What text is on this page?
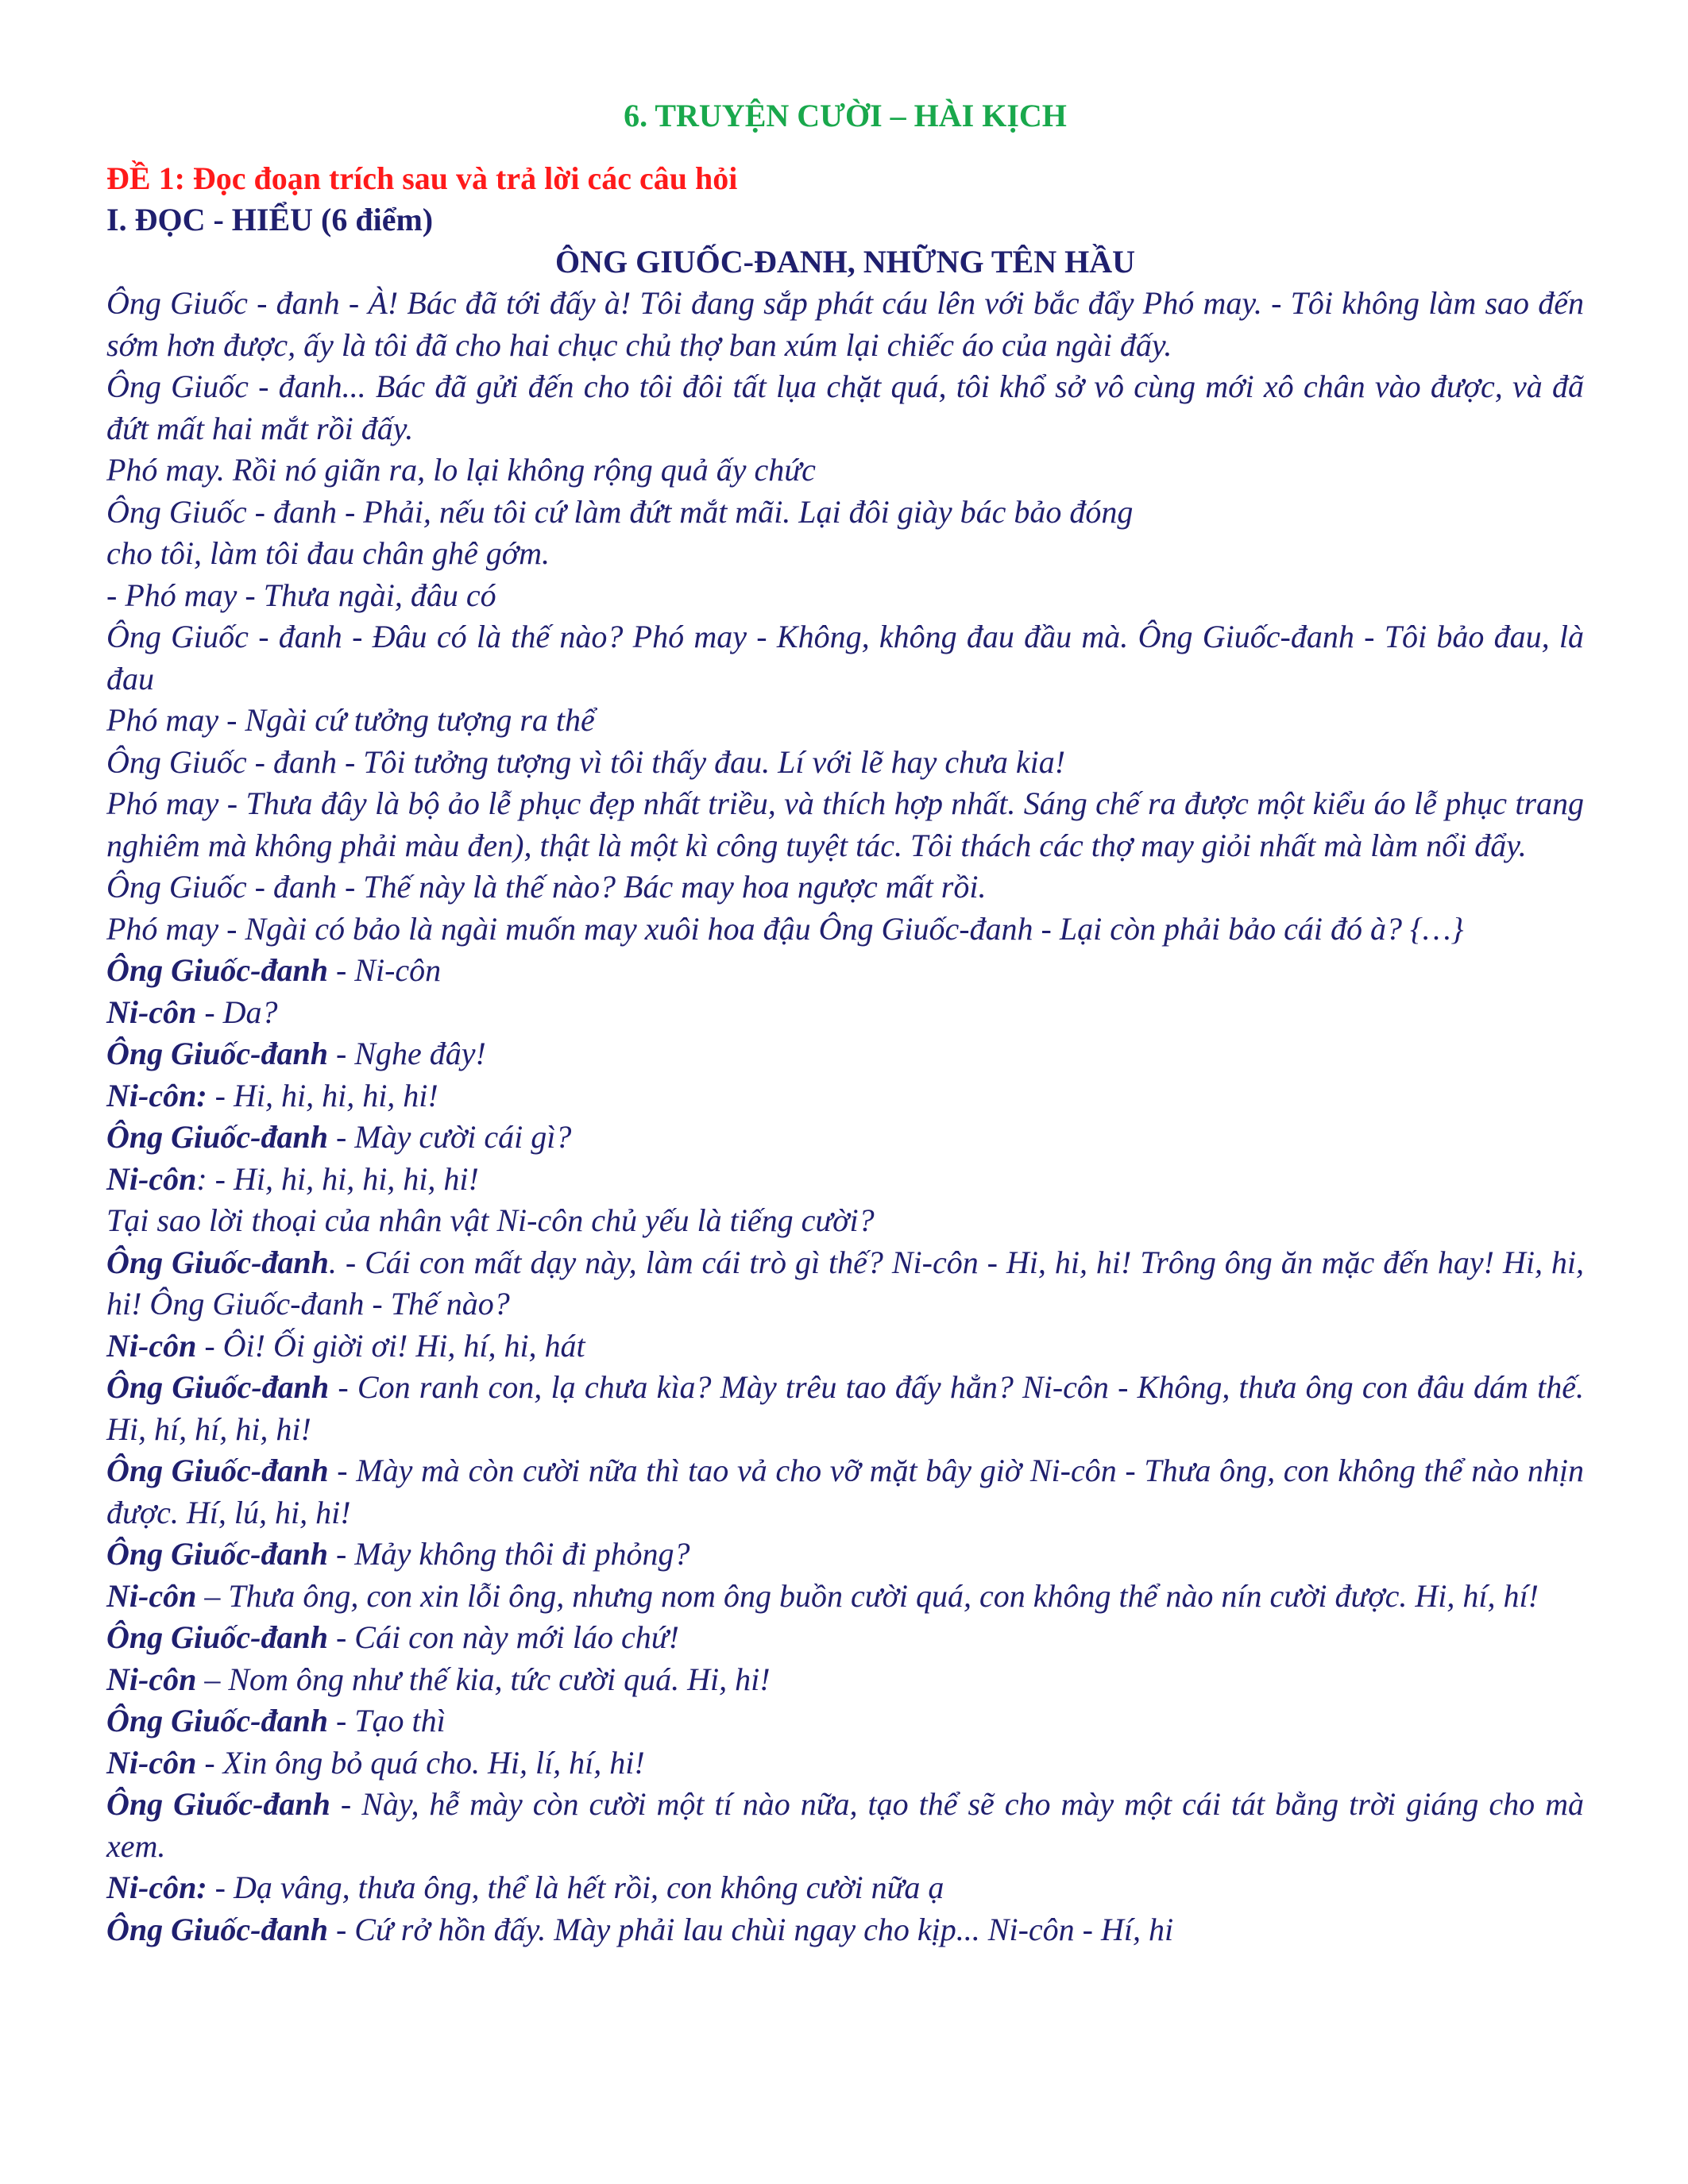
6. TRUYỆN CƯỜI – HÀI KỊCH
ĐỀ 1: Đọc đoạn trích sau và trả lời các câu hỏi
I. ĐỌC - HIỂU (6 điểm)
ÔNG GIUỐC-ĐANH, NHỮNG TÊN HẦU
Ông Giuốc - đanh - À! Bác đã tới đấy à! Tôi đang sắp phát cáu lên với bắc đẩy Phó may. - Tôi không làm sao đến sớm hơn được, ấy là tôi đã cho hai chục chủ thợ ban xúm lại chiếc áo của ngài đấy.
Ông Giuốc - đanh... Bác đã gửi đến cho tôi đôi tất lụa chặt quá, tôi khổ sở vô cùng mới xô chân vào được, và đã đứt mất hai mắt rồi đấy.
Phó may. Rồi nó giãn ra, lo lại không rộng quả ấy chức
Ông Giuốc - đanh - Phải, nếu tôi cứ làm đứt mắt mãi. Lại đôi giày bác bảo đóng
cho tôi, làm tôi đau chân ghê gớm.
- Phó may - Thưa ngài, đâu có
Ông Giuốc - đanh - Đâu có là thế nào? Phó may - Không, không đau đầu mà. Ông Giuốc-đanh - Tôi bảo đau, là đau
Phó may - Ngài cứ tưởng tượng ra thể
Ông Giuốc - đanh - Tôi tưởng tượng vì tôi thấy đau. Lí với lẽ hay chưa kia!
Phó may - Thưa đây là bộ ảo lễ phục đẹp nhất triều, và thích hợp nhất. Sáng chế ra được một kiểu áo lễ phục trang nghiêm mà không phải màu đen), thật là một kì công tuyệt tác. Tôi thách các thợ may giỏi nhất mà làm nổi đẩy.
Ông Giuốc - đanh - Thế này là thế nào? Bác may hoa ngược mất rồi.
Phó may - Ngài có bảo là ngài muốn may xuôi hoa đậu Ông Giuốc-đanh - Lại còn phải bảo cái đó à? {…}
Ông Giuốc-đanh - Ni-côn
Ni-côn - Da?
Ông Giuốc-đanh - Nghe đây!
Ni-côn: - Hi, hi, hi, hi, hi!
Ông Giuốc-đanh - Mày cười cái gì?
Ni-côn: - Hi, hi, hi, hi, hi, hi!
Tại sao lời thoại của nhân vật Ni-côn chủ yếu là tiếng cười?
Ông Giuốc-đanh. - Cái con mất dạy này, làm cái trò gì thế? Ni-côn - Hi, hi, hi! Trông ông ăn mặc đến hay! Hi, hi, hi! Ông Giuốc-đanh - Thế nào?
Ni-côn - Ôi! Ối giời ơi! Hi, hí, hi, hát
Ông Giuốc-đanh - Con ranh con, lạ chưa kìa? Mày trêu tao đấy hẳn? Ni-côn - Không, thưa ông con đâu dám thế. Hi, hí, hí, hi, hi!
Ông Giuốc-đanh - Mày mà còn cười nữa thì tao vả cho vỡ mặt bây giờ Ni-côn - Thưa ông, con không thể nào nhịn được. Hí, lú, hi, hi!
Ông Giuốc-đanh - Mảy không thôi đi phỏng?
Ni-côn – Thưa ông, con xin lỗi ông, nhưng nom ông buồn cười quá, con không thể nào nín cười được. Hi, hí, hí!
Ông Giuốc-đanh - Cái con này mới láo chứ!
Ni-côn – Nom ông như thế kia, tức cười quá. Hi, hi!
Ông Giuốc-đanh - Tạo thì
Ni-côn - Xin ông bỏ quá cho. Hi, lí, hí, hi!
Ông Giuốc-đanh - Này, hễ mày còn cười một tí nào nữa, tạo thể sẽ cho mày một cái tát bằng trời giáng cho mà xem.
Ni-côn: - Dạ vâng, thưa ông, thể là hết rồi, con không cười nữa ạ
Ông Giuốc-đanh - Cứ rở hồn đấy. Mày phải lau chùi ngay cho kịp... Ni-côn - Hí, hi
